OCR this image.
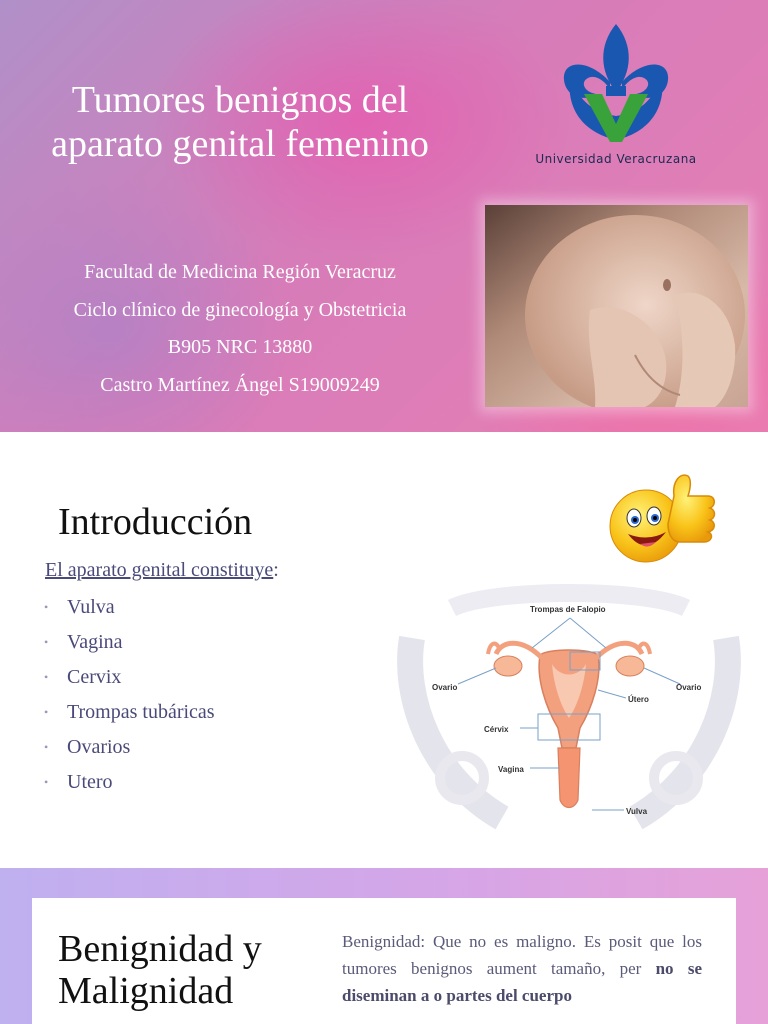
Tumores benignos del
aparato genital femenino
Facultad de Medicina Región Veracruz
Ciclo clínico de ginecología y Obstetricia
B905 NRC 13880
Castro Martínez Ángel S19009249
Universidad Veracruzana
Introducción
El aparato genital constituye:
• Vulva
• Vagina
• Cervix
• Trompas tubáricas
• Ovarios
• Utero
Trompas de Falopio
Ovario	Ovario
Útero
Cérvix
Vagina
Vulva
Benignidad y
Malignidad
Benignidad: Que no es maligno. Es posit que los tumores benignos aument tamaño, per no se diseminan a o partes del cuerpo
